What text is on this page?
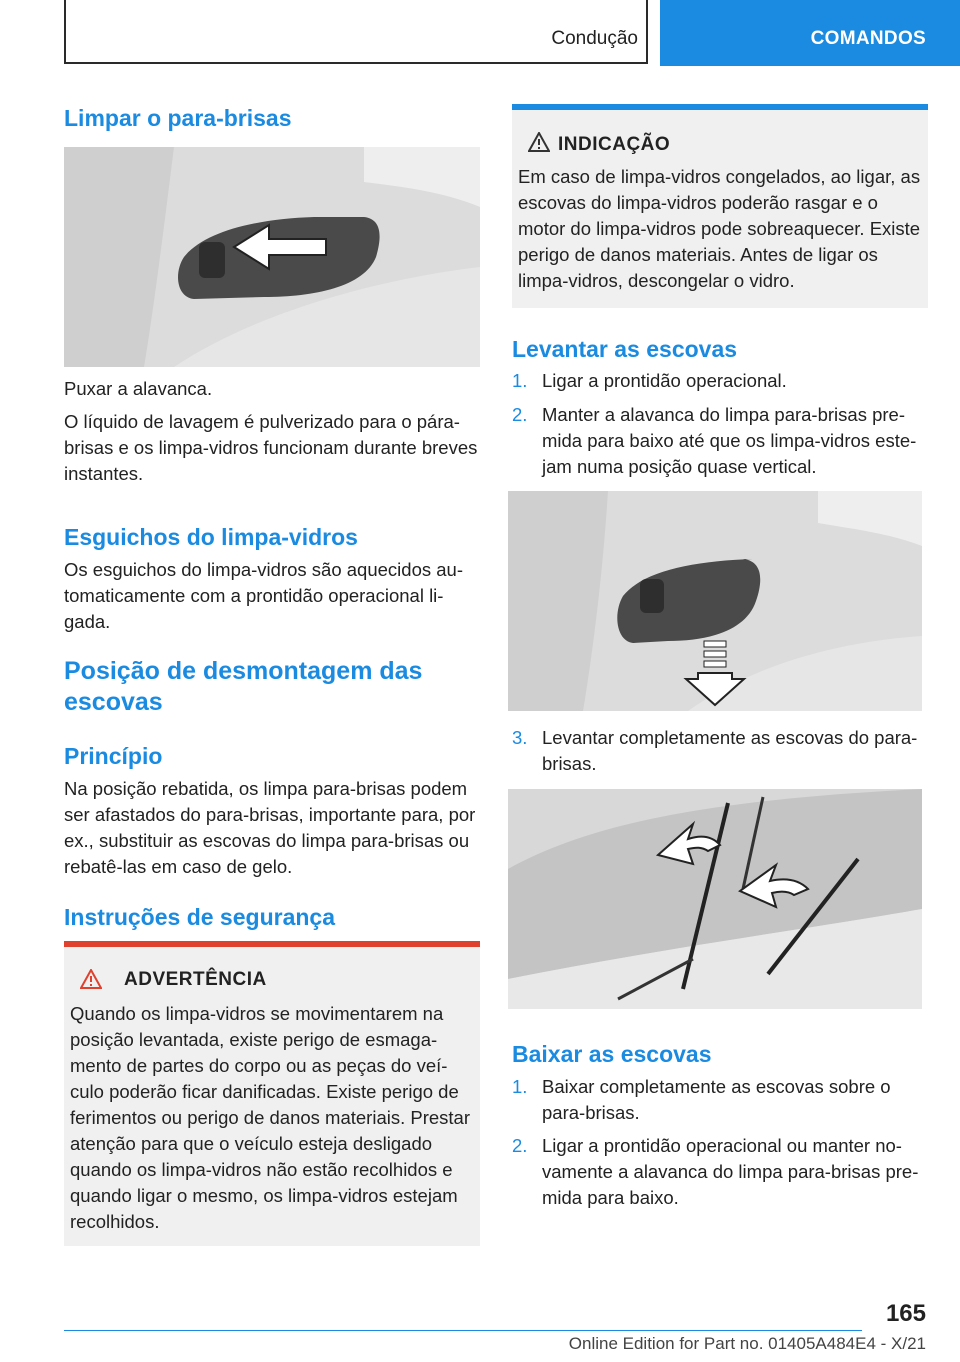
Condução	COMANDOS
Limpar o para-brisas

Puxar a alavanca.

O líquido de lavagem é pulverizado para o pára-brisas e os limpa-vidros funcionam durante breves instantes.

Esguichos do limpa-vidros

Os esguichos do limpa-vidros são aquecidos automaticamente com a prontidão operacional ligada.

Posição de desmontagem das escovas
Princípio

Na posição rebatida, os limpa para-brisas podem ser afastados do para-brisas, importante para, por ex., substituir as escovas do limpa para-brisas ou rebatê-las em caso de gelo.

Instruções de segurança
ADVERTÊNCIA

Quando os limpa-vidros se movimentarem na posição levantada, existe perigo de esmagamento de partes do corpo ou as peças do veículo poderão ficar danificadas. Existe perigo de ferimentos ou perigo de danos materiais. Prestar atenção para que o veículo esteja desligado quando os limpa-vidros não estão recolhidos e quando ligar o mesmo, os limpa-vidros estejam recolhidos.

INDICAÇÃO

Em caso de limpa-vidros congelados, ao ligar, as escovas do limpa-vidros poderão rasgar e o motor do limpa-vidros pode sobreaquecer. Existe perigo de danos materiais. Antes de ligar os limpa-vidros, descongelar o vidro.

Levantar as escovas
1. Ligar a prontidão operacional.
2. Manter a alavanca do limpa para-brisas premida para baixo até que os limpa-vidros estejam numa posição quase vertical.
3. Levantar completamente as escovas do para-brisas.
Baixar as escovas
1. Baixar completamente as escovas sobre o para-brisas.
2. Ligar a prontidão operacional ou manter novamente a alavanca do limpa para-brisas premida para baixo.
165
Online Edition for Part no. 01405A484E4 - X/21
